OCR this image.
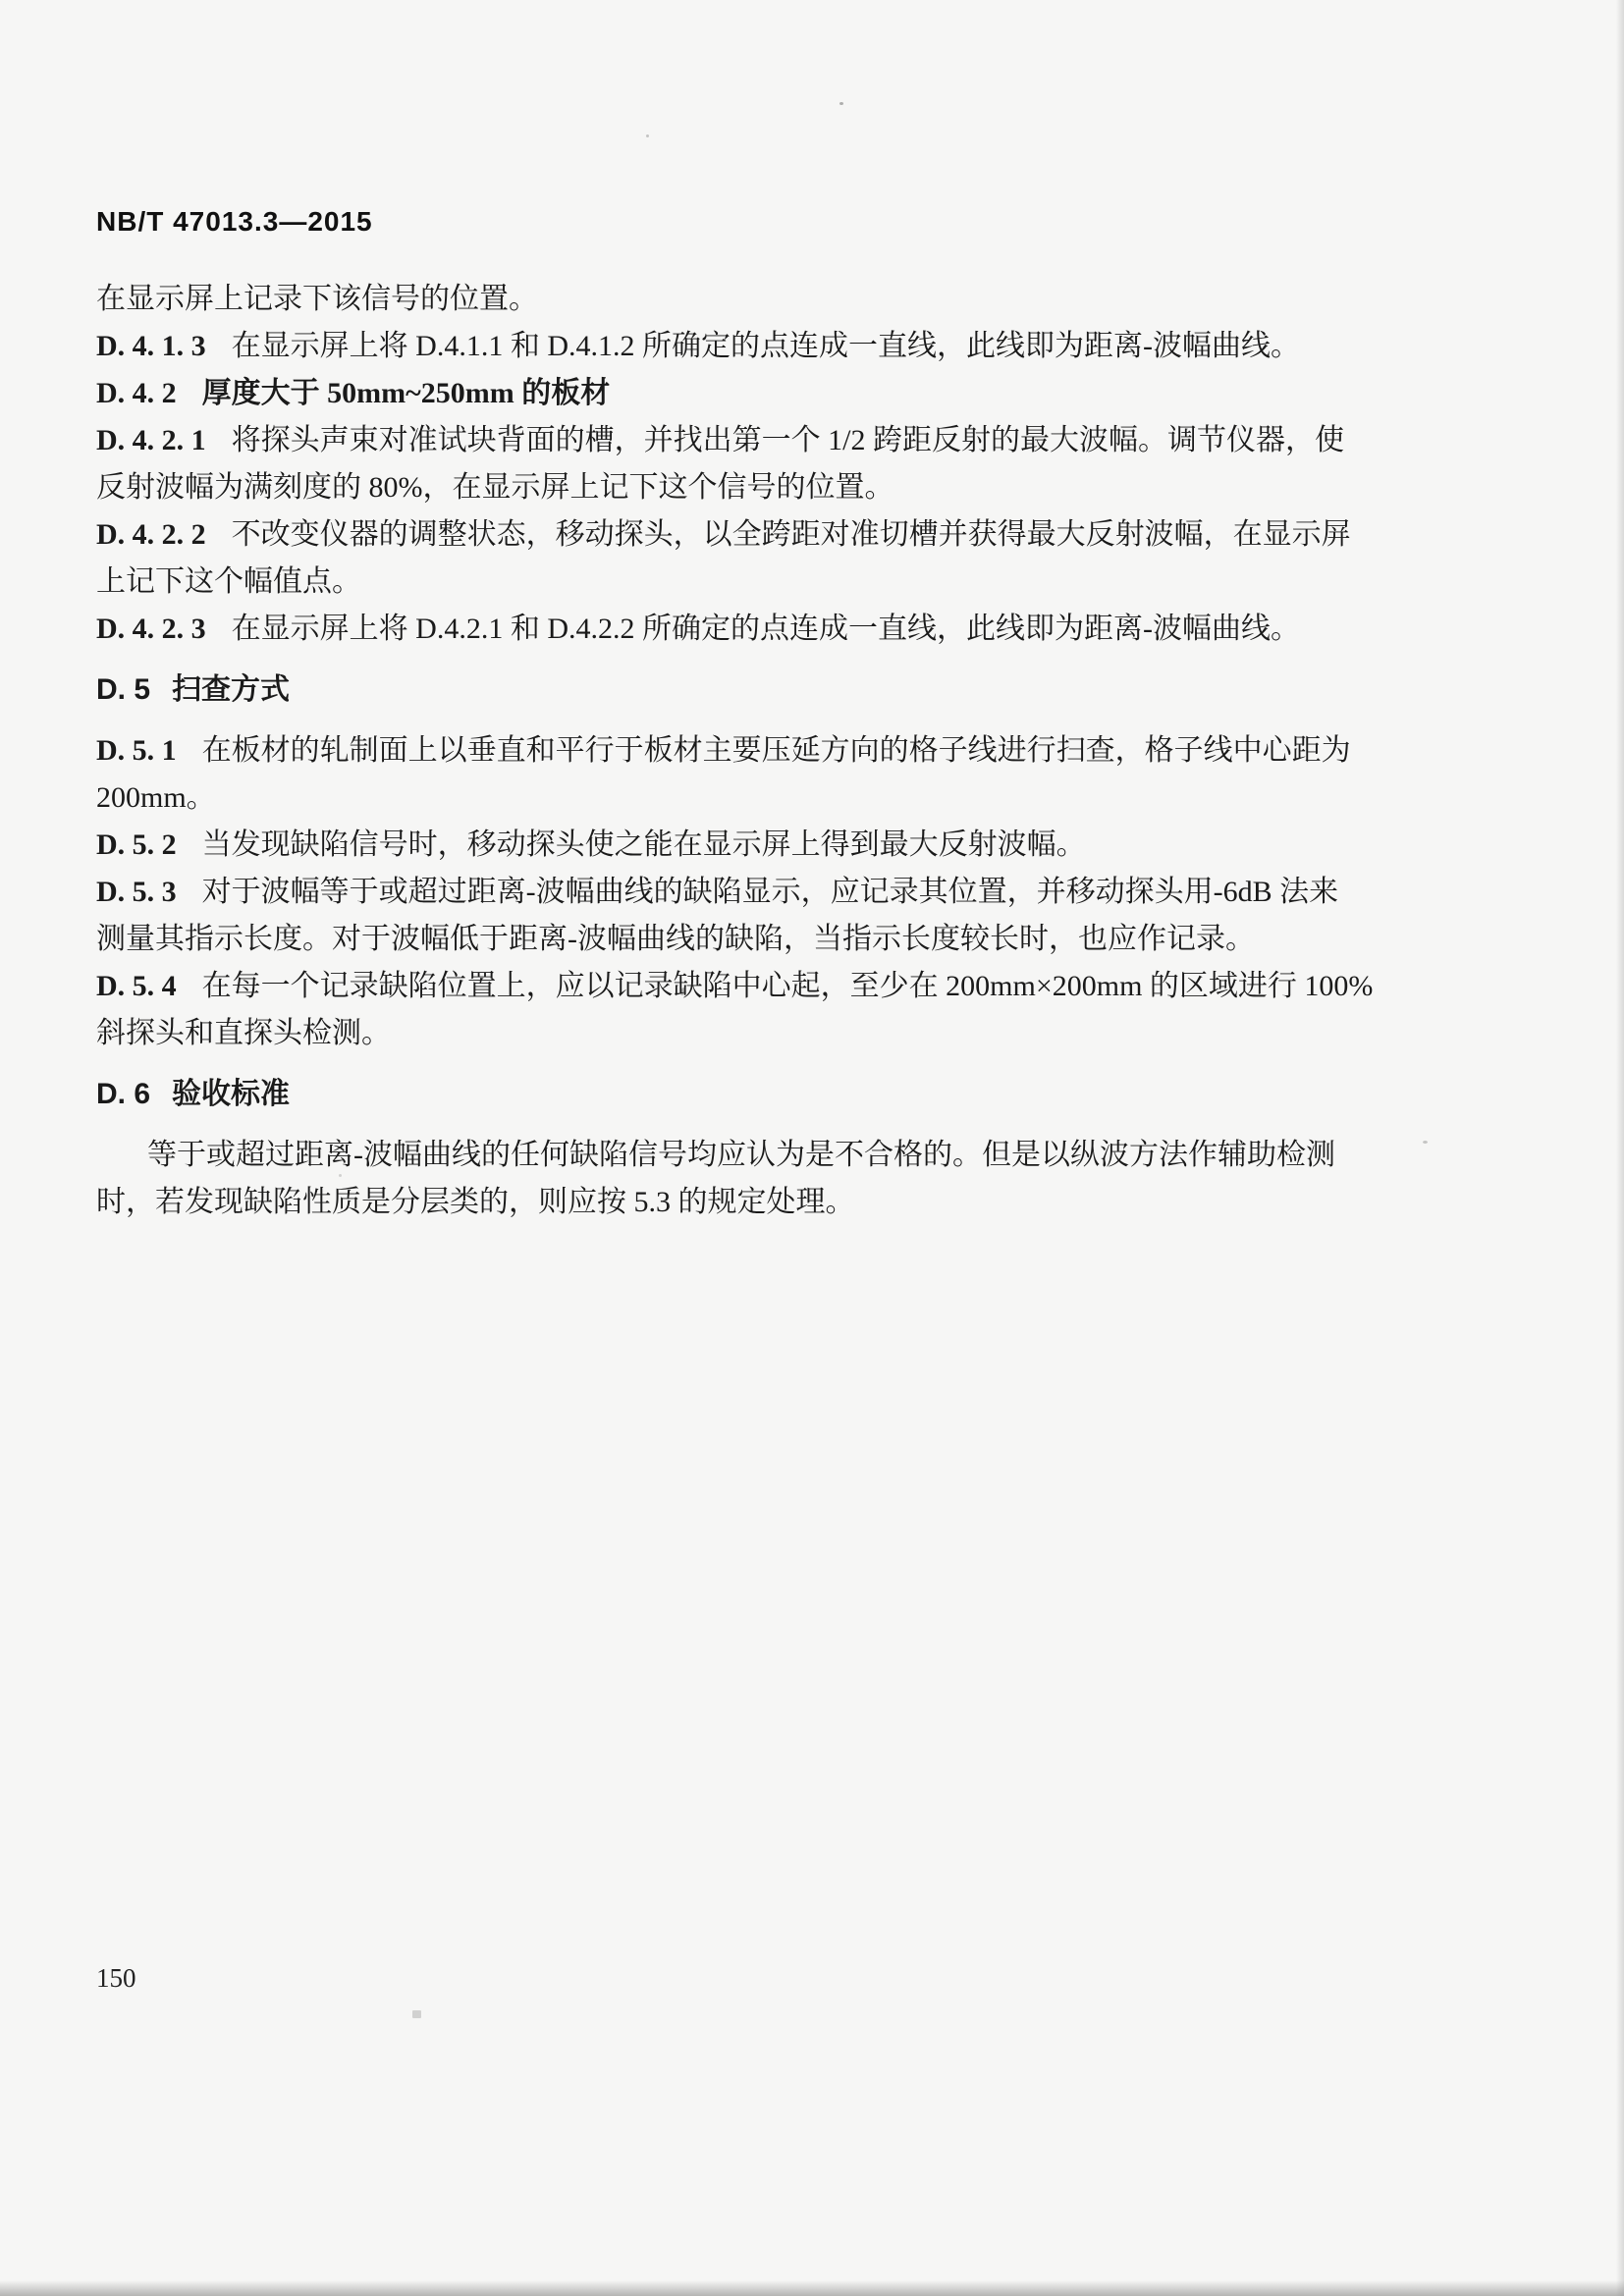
NB/T 47013.3—2015
在显示屏上记录下该信号的位置。
D. 4. 1. 3 在显示屏上将 D.4.1.1 和 D.4.1.2 所确定的点连成一直线，此线即为距离-波幅曲线。
D. 4. 2 厚度大于 50mm~250mm 的板材
D. 4. 2. 1 将探头声束对准试块背面的槽，并找出第一个 1/2 跨距反射的最大波幅。调节仪器，使
反射波幅为满刻度的 80%，在显示屏上记下这个信号的位置。
D. 4. 2. 2 不改变仪器的调整状态，移动探头，以全跨距对准切槽并获得最大反射波幅，在显示屏
上记下这个幅值点。
D. 4. 2. 3 在显示屏上将 D.4.2.1 和 D.4.2.2 所确定的点连成一直线，此线即为距离-波幅曲线。
D. 5 扫查方式
D. 5. 1 在板材的轧制面上以垂直和平行于板材主要压延方向的格子线进行扫查，格子线中心距为
200mm。
D. 5. 2 当发现缺陷信号时，移动探头使之能在显示屏上得到最大反射波幅。
D. 5. 3 对于波幅等于或超过距离-波幅曲线的缺陷显示，应记录其位置，并移动探头用-6dB 法来
测量其指示长度。对于波幅低于距离-波幅曲线的缺陷，当指示长度较长时，也应作记录。
D. 5. 4 在每一个记录缺陷位置上，应以记录缺陷中心起，至少在 200mm×200mm 的区域进行 100%
斜探头和直探头检测。
D. 6 验收标准
等于或超过距离-波幅曲线的任何缺陷信号均应认为是不合格的。但是以纵波方法作辅助检测
时，若发现缺陷性质是分层类的，则应按 5.3 的规定处理。
150
